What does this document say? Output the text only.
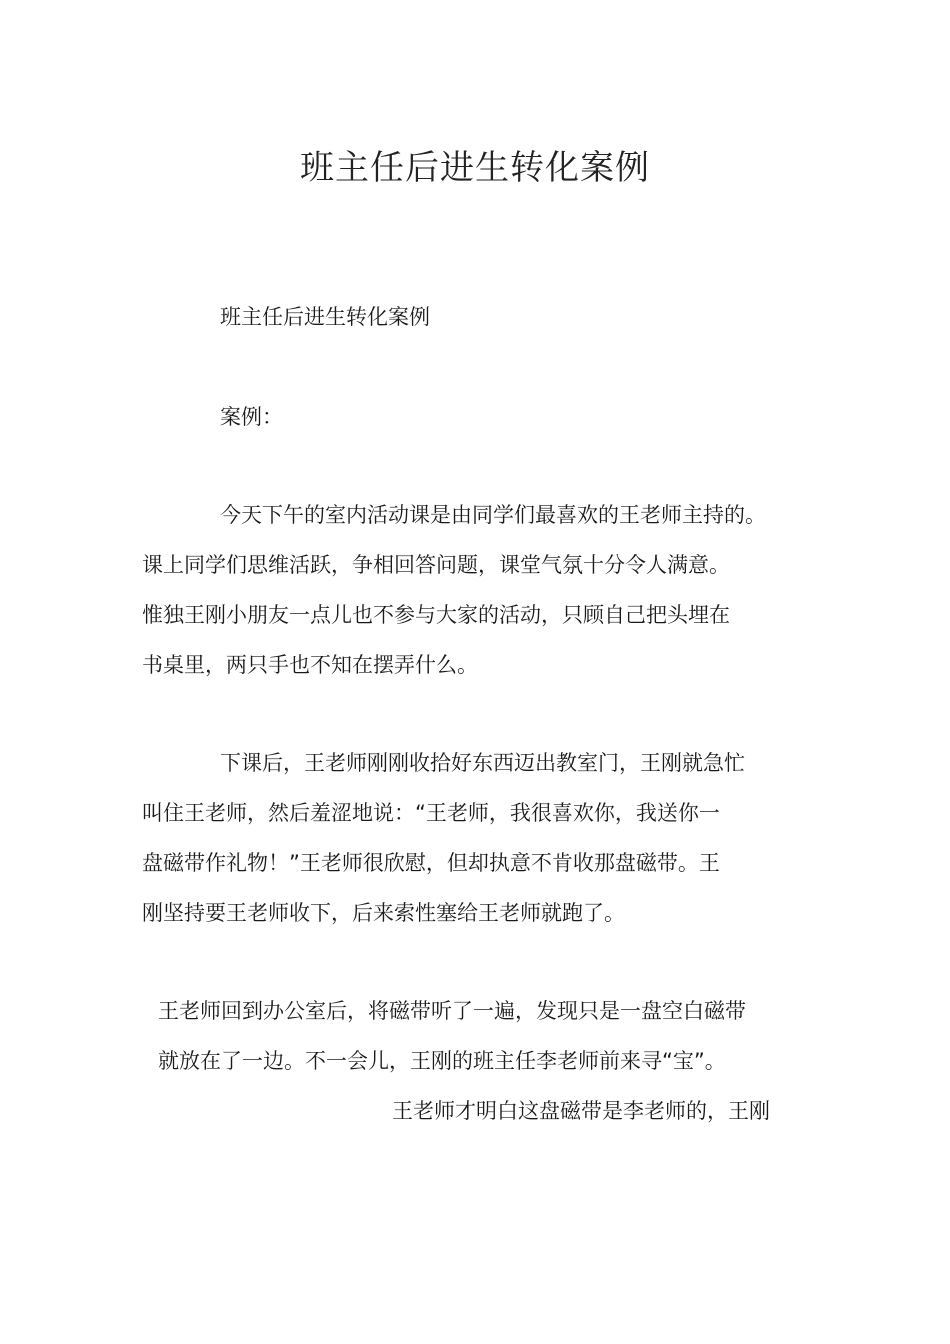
班主任后进生转化案例

班主任后进生转化案例

案例：

今天下午的室内活动课是由同学们最喜欢的王老师主持的。

课上同学们思维活跃，争相回答问题，课堂气氛十分令人满意。

惟独王刚小朋友一点儿也不参与大家的活动，只顾自己把头埋在

书桌里，两只手也不知在摆弄什么。

下课后，王老师刚刚收拾好东西迈出教室门，王刚就急忙

叫住王老师，然后羞涩地说：“王老师，我很喜欢你，我送你一

盘磁带作礼物！”王老师很欣慰，但却执意不肯收那盘磁带。王

刚坚持要王老师收下，后来索性塞给王老师就跑了。

王老师回到办公室后，将磁带听了一遍，发现只是一盘空白磁带

就放在了一边。不一会儿，王刚的班主任李老师前来寻“宝”。

王老师才明白这盘磁带是李老师的，王刚
